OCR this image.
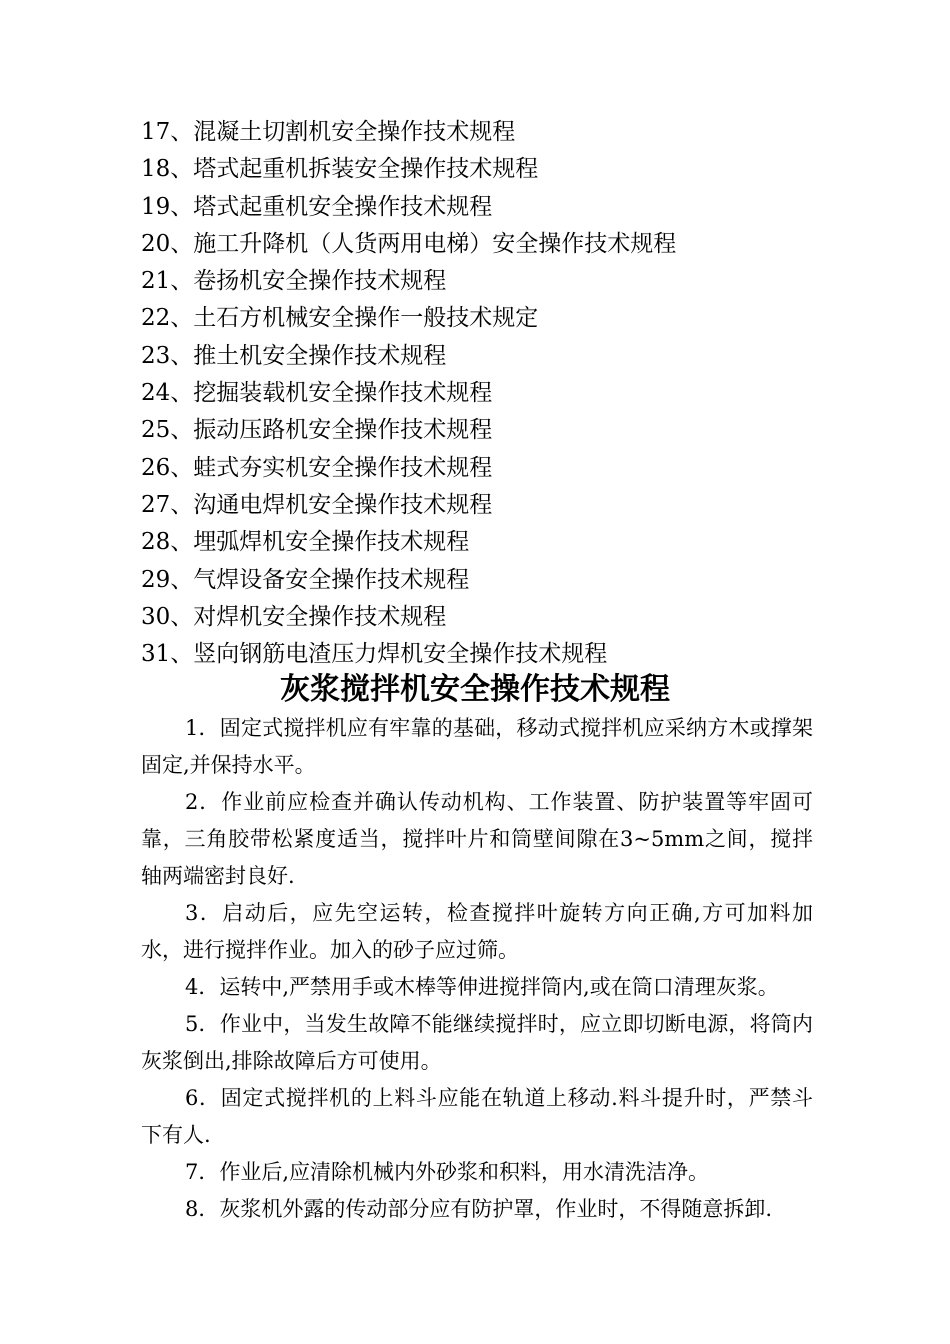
17、混凝土切割机安全操作技术规程
18、塔式起重机拆装安全操作技术规程
19、塔式起重机安全操作技术规程
20、施工升降机（人货两用电梯）安全操作技术规程
21、卷扬机安全操作技术规程
22、土石方机械安全操作一般技术规定
23、推土机安全操作技术规程
24、挖掘装载机安全操作技术规程
25、振动压路机安全操作技术规程
26、蛙式夯实机安全操作技术规程
27、沟通电焊机安全操作技术规程
28、埋弧焊机安全操作技术规程
29、气焊设备安全操作技术规程
30、对焊机安全操作技术规程
31、竖向钢筋电渣压力焊机安全操作技术规程
灰浆搅拌机安全操作技术规程

1．固定式搅拌机应有牢靠的基础，移动式搅拌机应采纳方木或撑架固定,并保持水平。

2．作业前应检查并确认传动机构、工作装置、防护装置等牢固可靠，三角胶带松紧度适当，搅拌叶片和筒壁间隙在3~5mm之间，搅拌轴两端密封良好.

3．启动后，应先空运转，检查搅拌叶旋转方向正确,方可加料加水，进行搅拌作业。加入的砂子应过筛。

4．运转中,严禁用手或木棒等伸进搅拌筒内,或在筒口清理灰浆。

5．作业中，当发生故障不能继续搅拌时，应立即切断电源，将筒内灰浆倒出,排除故障后方可使用。

6．固定式搅拌机的上料斗应能在轨道上移动.料斗提升时，严禁斗下有人.

7．作业后,应清除机械内外砂浆和积料，用水清洗洁净。

8．灰浆机外露的传动部分应有防护罩，作业时，不得随意拆卸.
